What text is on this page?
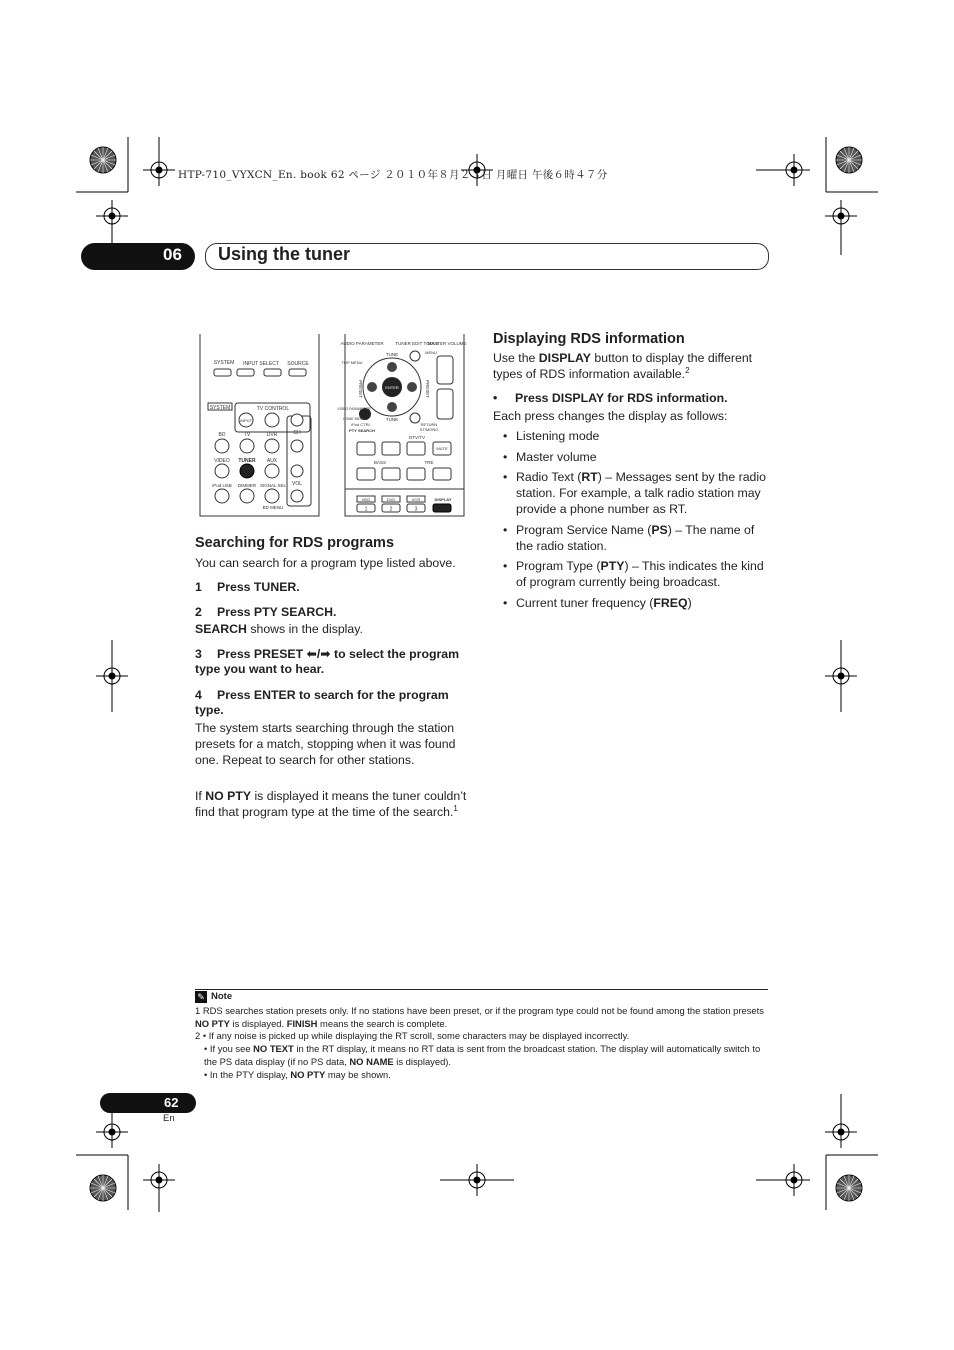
HTP-710_VYXCN_En. book 62 ページ ２０１０年８月２３日 月曜日 午後６時４７分
06 Using the tuner
SYSTEM INPUT SELECT SOURCE
SYSTEM	TV CONTROL
INPUT
CH
BD	TV	DVR
VIDEO TUNER AUX
VOL
iPod USB DIMMER SIGNAL SEL
BD MENU
AUDIO PARAMETER	TUNER EDIT TOOLS
MASTER VOLUME
MENU
TOP MENU
TUNE
TUNE
PRESET	PRESET
ENTER
VIDEO PARAMETER
HOME MENU
iPod CTRL
PTY SEARCH
RETURN
ST/MONO
DTV/TV
MUTE
BASS	TRE
HDD	DVD	VCR	DISPLAY
1	2	3
Searching for RDS programs

You can search for a program type listed above.

1 Press TUNER.
2 Press PTY SEARCH.

SEARCH shows in the display.

3 Press PRESET ⬅/➡ to select the program type you want to hear.
4 Press ENTER to search for the program type.

The system starts searching through the station presets for a match, stopping when it was found one. Repeat to search for other stations.

If NO PTY is displayed it means the tuner couldn’t find that program type at the time of the search.$^1$

Displaying RDS information

Use the DISPLAY button to display the different types of RDS information available.$^2$

• Press DISPLAY for RDS information.

Each press changes the display as follows:

• Listening mode
• Master volume
• Radio Text (RT) – Messages sent by the radio station. For example, a talk radio station may provide a phone number as RT.
• Program Service Name (PS) – The name of the radio station.
• Program Type (PTY) – This indicates the kind of program currently being broadcast.
• Current tuner frequency (FREQ)
✎ Note
1 RDS searches station presets only. If no stations have been preset, or if the program type could not be found among the station presets NO PTY is displayed. FINISH means the search is complete.
2 • If any noise is picked up while displaying the RT scroll, some characters may be displayed incorrectly.
• If you see NO TEXT in the RT display, it means no RT data is sent from the broadcast station. The display will automatically switch to the PS data display (if no PS data, NO NAME is displayed).
• In the PTY display, NO PTY may be shown.
62
En
